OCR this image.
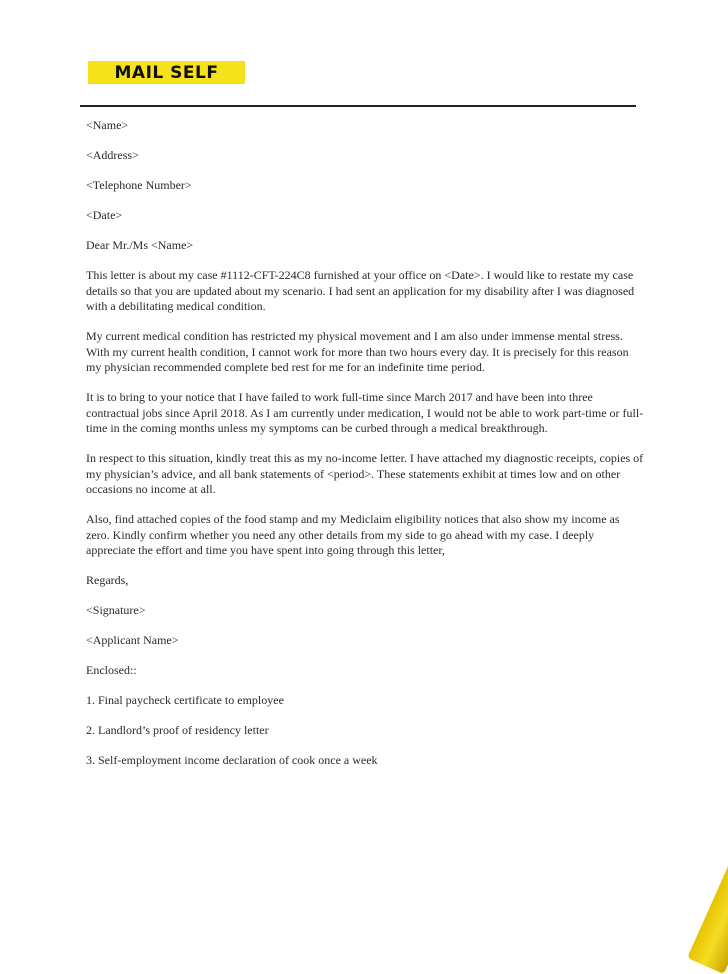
MAIL SELF

<Name>

<Address>

<Telephone Number>

<Date>

Dear Mr./Ms <Name>

This letter is about my case #1112-CFT-224C8 furnished at your office on <Date>. I would like to restate my case details so that you are updated about my scenario. I had sent an application for my disability after I was diagnosed with a debilitating medical condition.

My current medical condition has restricted my physical movement and I am also under immense mental stress. With my current health condition, I cannot work for more than two hours every day. It is precisely for this reason my physician recommended complete bed rest for me for an indefinite time period.

It is to bring to your notice that I have failed to work full-time since March 2017 and have been into three contractual jobs since April 2018. As I am currently under medication, I would not be able to work part-time or full-time in the coming months unless my symptoms can be curbed through a medical breakthrough.

In respect to this situation, kindly treat this as my no-income letter. I have attached my diagnostic receipts, copies of my physician’s advice, and all bank statements of <period>. These statements exhibit at times low and on other occasions no income at all.

Also, find attached copies of the food stamp and my Mediclaim eligibility notices that also show my income as zero. Kindly confirm whether you need any other details from my side to go ahead with my case. I deeply appreciate the effort and time you have spent into going through this letter,

Regards,

<Signature>

<Applicant Name>

Enclosed::

1. Final paycheck certificate to employee

2. Landlord’s proof of residency letter

3. Self-employment income declaration of cook once a week
